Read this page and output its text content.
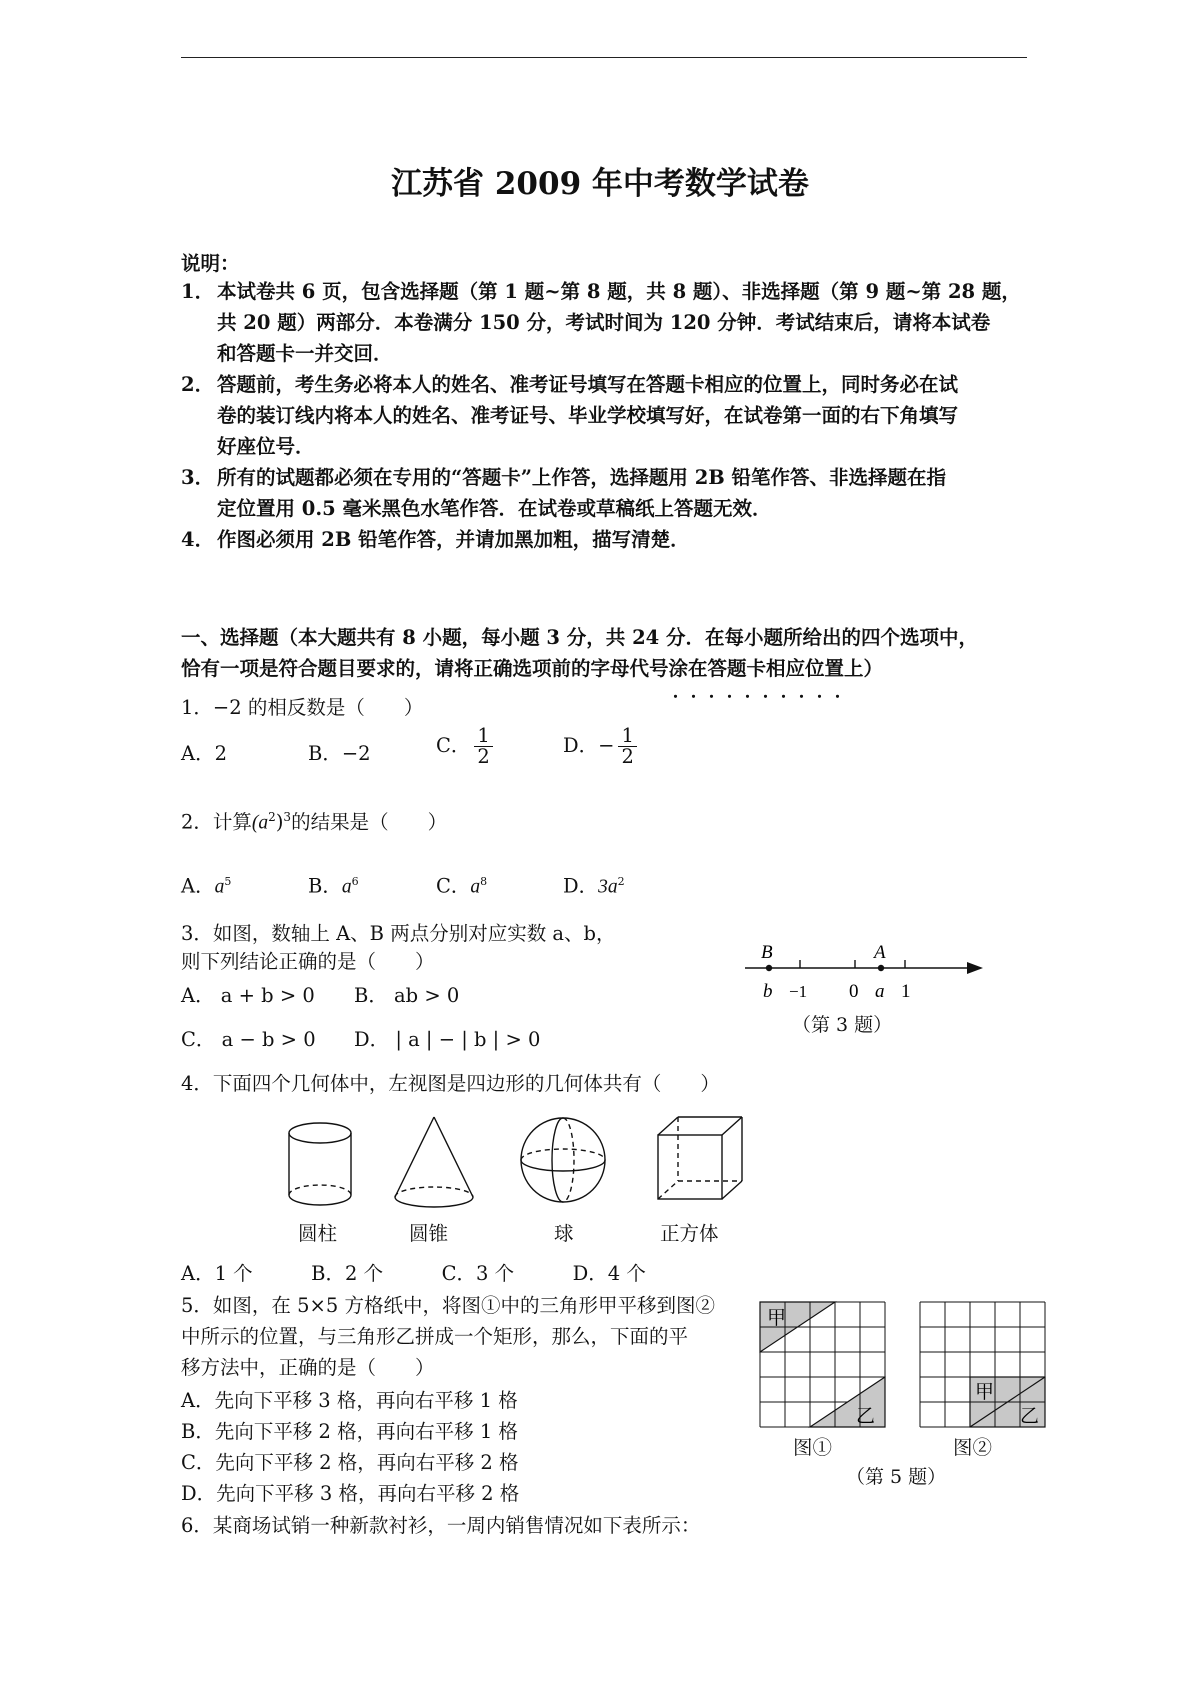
江苏省 2009 年中考数学试卷
说明：
1． 本试卷共 6 页，包含选择题（第 1 题~第 8 题，共 8 题）、非选择题（第 9 题~第 28 题，
共 20 题）两部分．本卷满分 150 分，考试时间为 120 分钟．考试结束后，请将本试卷
和答题卡一并交回．
2． 答题前，考生务必将本人的姓名、准考证号填写在答题卡相应的位置上，同时务必在试
卷的装订线内将本人的姓名、准考证号、毕业学校填写好，在试卷第一面的右下角填写
好座位号．
3． 所有的试题都必须在专用的“答题卡”上作答，选择题用 2B 铅笔作答、非选择题在指
定位置用 0.5 毫米黑色水笔作答．在试卷或草稿纸上答题无效．
4． 作图必须用 2B 铅笔作答，并请加黑加粗，描写清楚．
一、选择题（本大题共有 8 小题，每小题 3 分，共 24 分．在每小题所给出的四个选项中，
恰有一项是符合题目要求的，请将正确选项前的字母代号涂在答题卡相应位置上
・・・・・・・・・・
）
1．−2 的相反数是（　　）
A．2	B．−2	C． $\frac{1}{2}$	D．− $\frac{1}{2}$
2．计算$(a^2)^3$的结果是（　　）
A．$a^5$	B．$a^6$	C．$a^8$	D．$3a^2$
3．如图，数轴上 A、B 两点分别对应实数 a、b，
则下列结论正确的是（　　）
A． a + b > 0 B． ab > 0
C． a − b > 0 D． | a | − | b | > 0
B	A
b −1 0 a 1
（第 3 题）
4．下面四个几何体中，左视图是四边形的几何体共有（　　）
圆柱	圆锥	球	正方体
A．1 个　　　B．2 个　　　C．3 个　　　D．4 个
5．如图，在 5×5 方格纸中，将图①中的三角形甲平移到图②
中所示的位置，与三角形乙拼成一个矩形，那么，下面的平
移方法中，正确的是（　　）
A．先向下平移 3 格，再向右平移 1 格
B．先向下平移 2 格，再向右平移 1 格
C．先向下平移 2 格，再向右平移 2 格
D．先向下平移 3 格，再向右平移 2 格
甲
乙
甲
乙
图①	图②
（第 5 题）
6．某商场试销一种新款衬衫，一周内销售情况如下表所示：
